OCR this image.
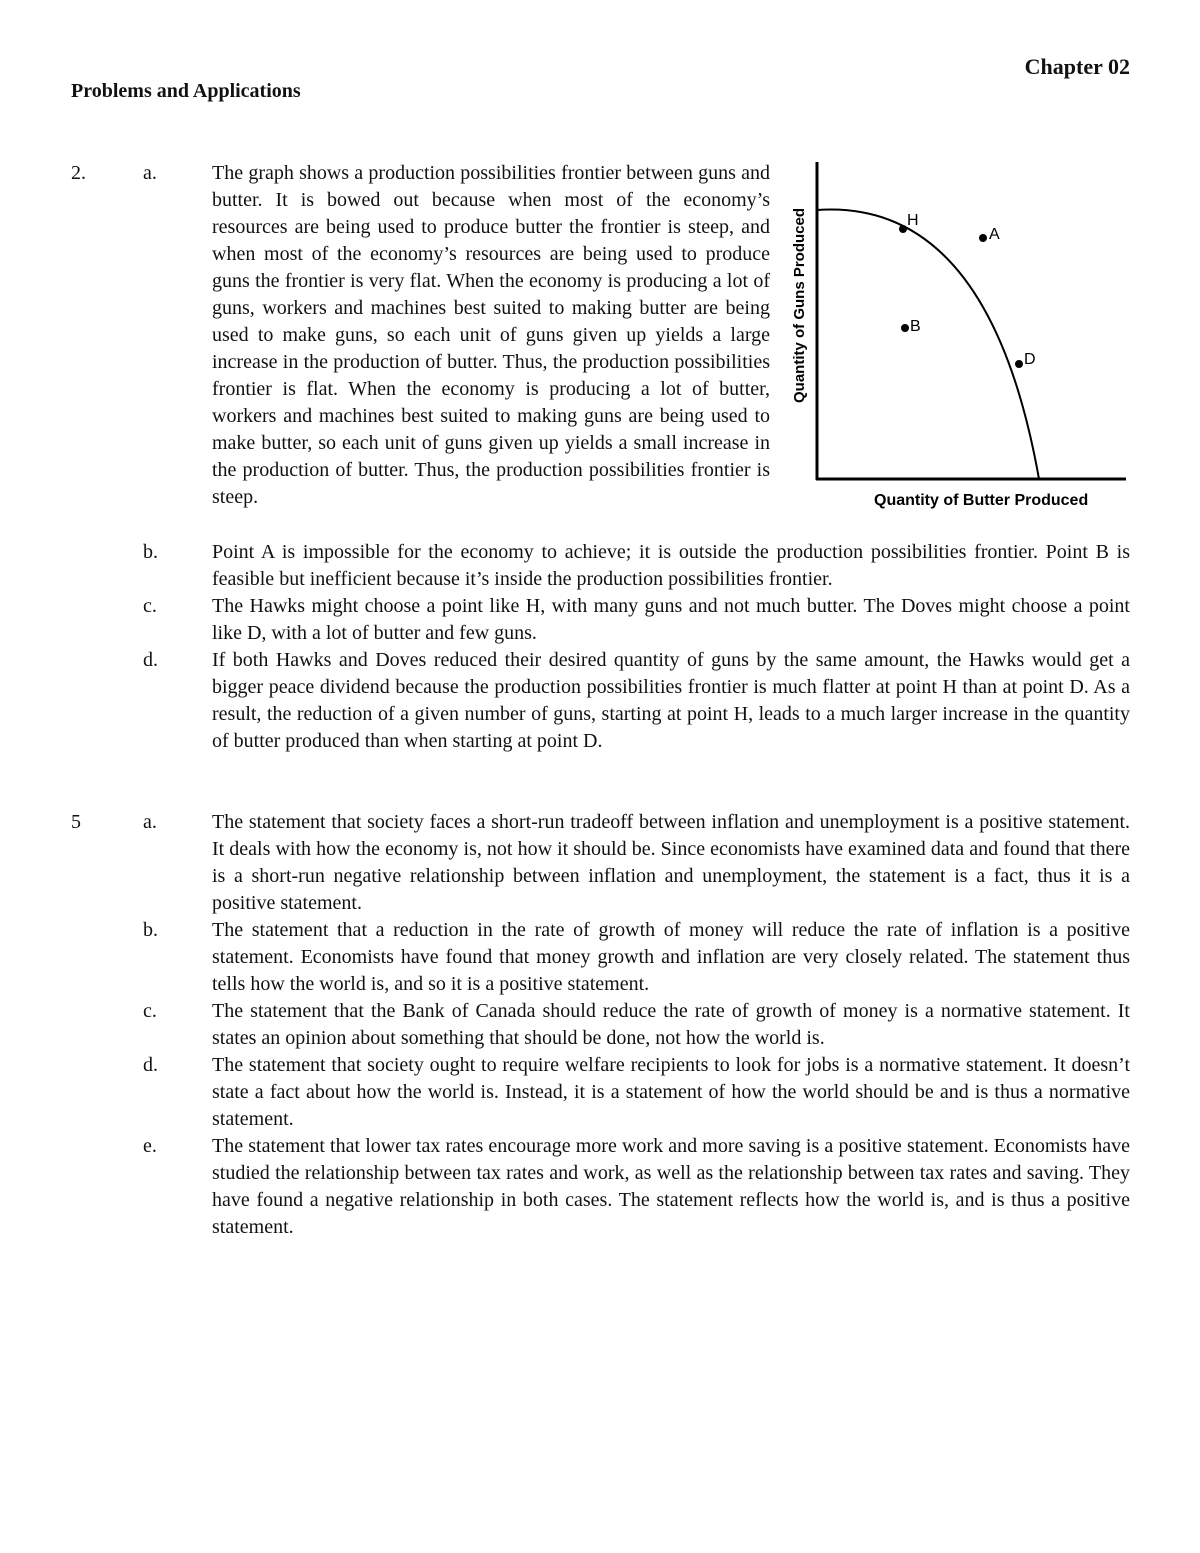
Chapter 02
Problems and Applications
2.	a.	The graph shows a production possibilities frontier between guns and butter. It is bowed out because when most of the economy’s resources are being used to produce butter the frontier is steep, and when most of the economy’s resources are being used to produce guns the frontier is very flat. When the economy is producing a lot of guns, workers and machines best suited to making butter are being used to make guns, so each unit of guns given up yields a large increase in the production of butter. Thus, the production possibilities frontier is flat. When the economy is producing a lot of butter, workers and machines best suited to making guns are being used to make butter, so each unit of guns given up yields a small increase in the production of butter. Thus, the production possibilities frontier is steep.
H
A
B
D
Quantity of Guns Produced
Quantity of Butter Produced
b.	Point A is impossible for the economy to achieve; it is outside the production possibilities frontier. Point B is feasible but inefficient because it’s inside the production possibilities frontier.
c.	The Hawks might choose a point like H, with many guns and not much butter. The Doves might choose a point like D, with a lot of butter and few guns.
d.	If both Hawks and Doves reduced their desired quantity of guns by the same amount, the Hawks would get a bigger peace dividend because the production possibilities frontier is much flatter at point H than at point D. As a result, the reduction of a given number of guns, starting at point H, leads to a much larger increase in the quantity of butter produced than when starting at point D.
5	a.	The statement that society faces a short-run tradeoff between inflation and unemployment is a positive statement. It deals with how the economy is, not how it should be. Since economists have examined data and found that there is a short-run negative relationship between inflation and unemployment, the statement is a fact, thus it is a positive statement.
b.	The statement that a reduction in the rate of growth of money will reduce the rate of inflation is a positive statement. Economists have found that money growth and inflation are very closely related. The statement thus tells how the world is, and so it is a positive statement.
c.	The statement that the Bank of Canada should reduce the rate of growth of money is a normative statement. It states an opinion about something that should be done, not how the world is.
d.	The statement that society ought to require welfare recipients to look for jobs is a normative statement. It doesn’t state a fact about how the world is. Instead, it is a statement of how the world should be and is thus a normative statement.
e.	The statement that lower tax rates encourage more work and more saving is a positive statement. Economists have studied the relationship between tax rates and work, as well as the relationship between tax rates and saving. They have found a negative relationship in both cases. The statement reflects how the world is, and is thus a positive statement.
